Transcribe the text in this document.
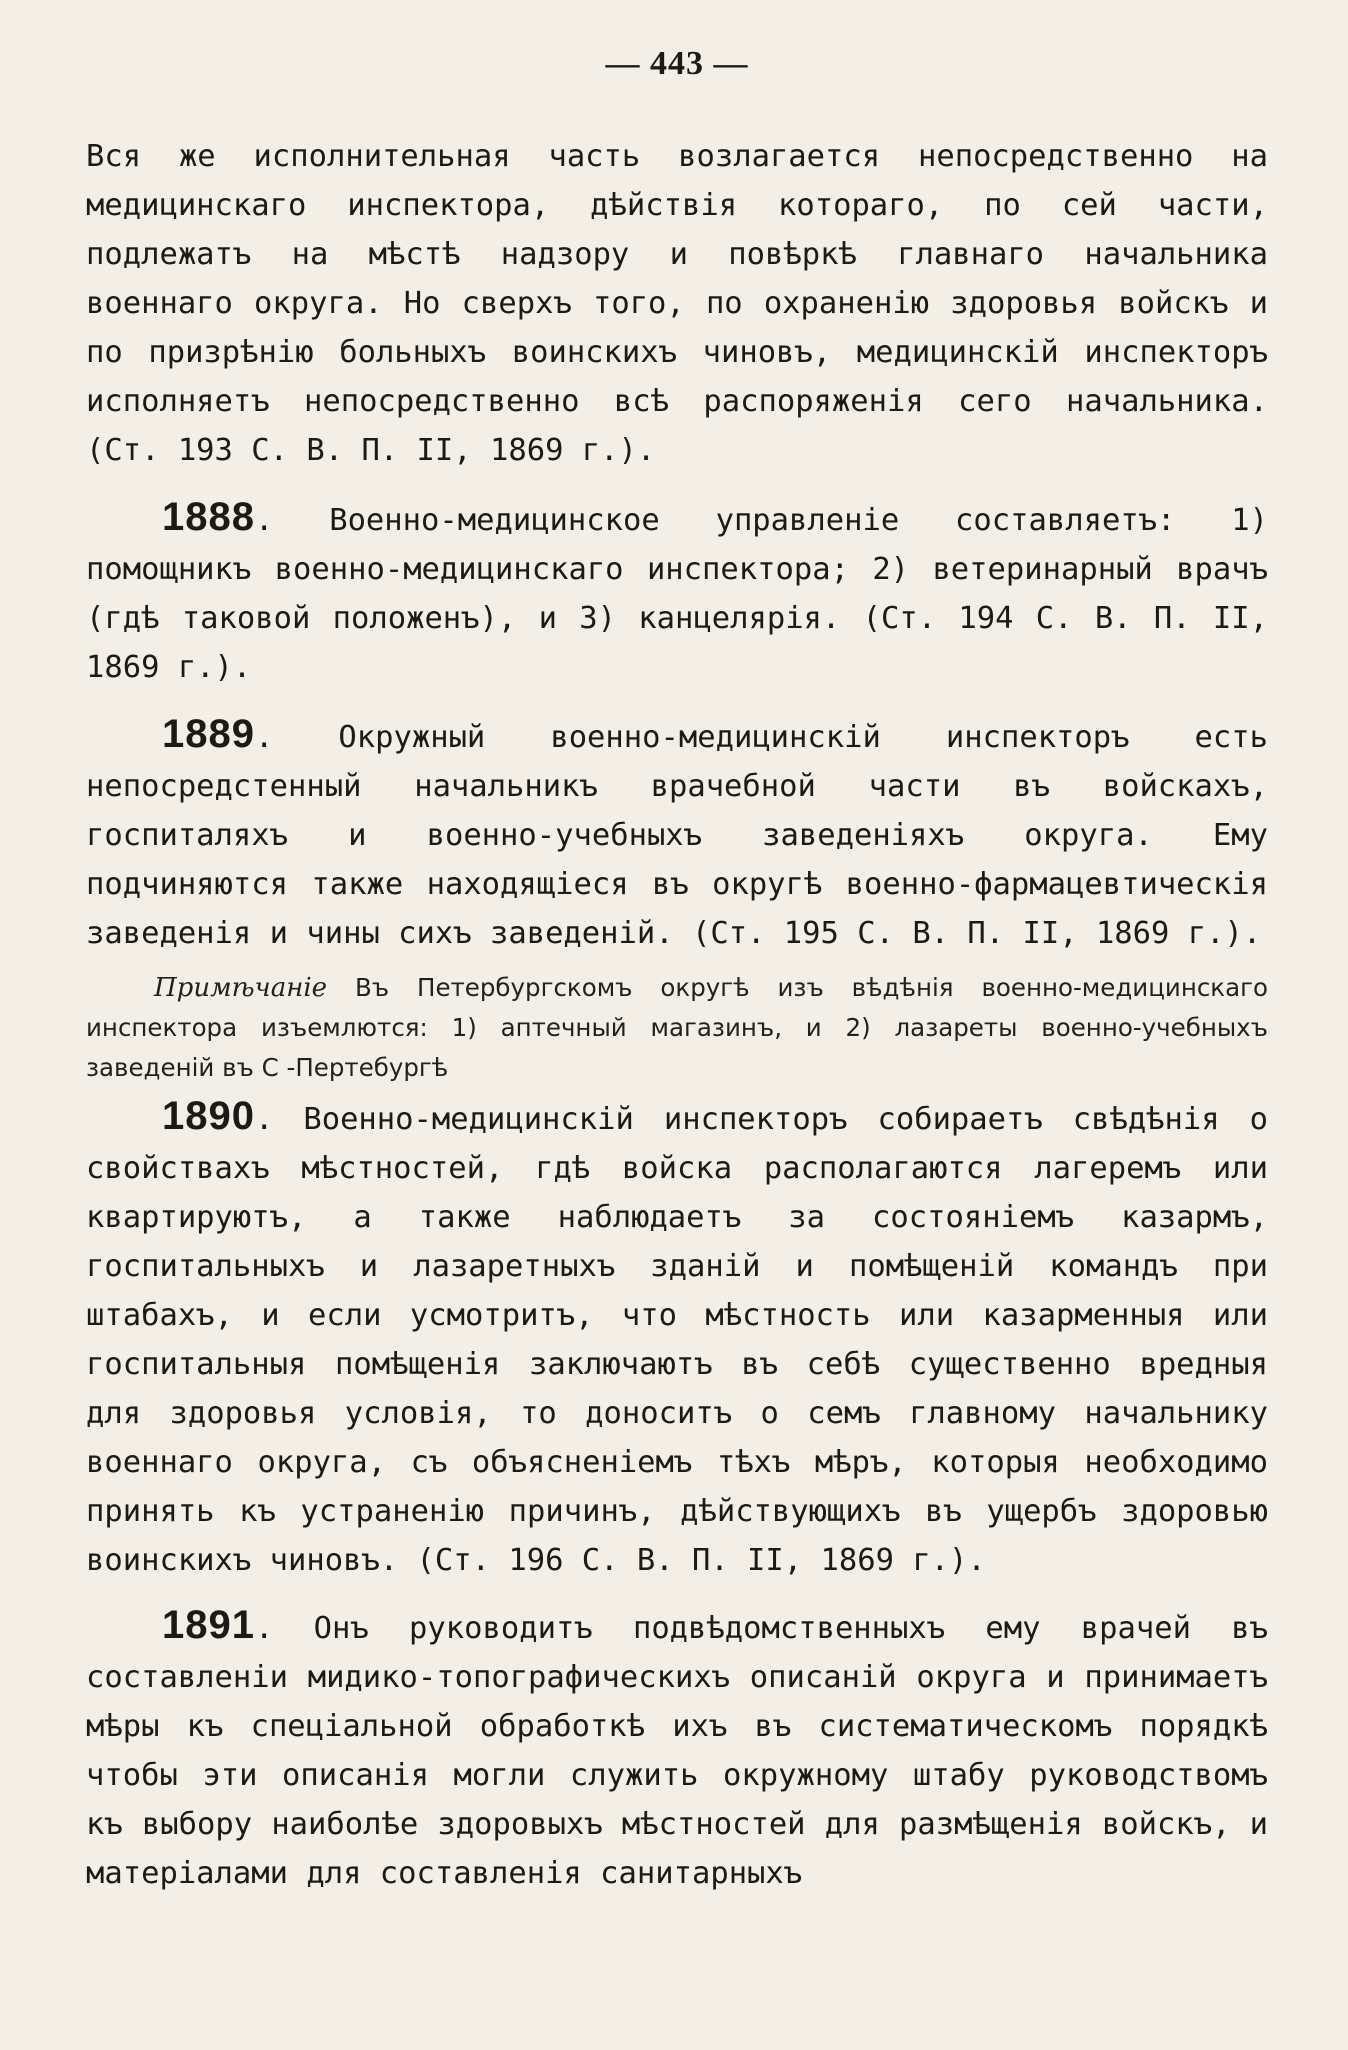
— 443 —

Вся же исполнительная часть возлагается непосредственно на медицинскаго инспектора, дѣйствія котораго, по сей части, подлежатъ на мѣстѣ надзору и повѣркѣ главнаго начальника военнаго округа. Но сверхъ того, по охраненію здоровья войскъ и по призрѣнію больныхъ воинскихъ чиновъ, медицинскій инспекторъ исполняетъ непосредственно всѣ распоряженія сего начальника. (Ст. 193 С. В. П. II, 1869 г.).

1888. Военно-медицинское управленіе составляетъ: 1) помощникъ военно-медицинскаго инспектора; 2) ветеринарный врачъ (гдѣ таковой положенъ), и 3) канцелярія. (Ст. 194 С. В. П. II, 1869 г.).

1889. Окружный военно-медицинскій инспекторъ есть непосредстенный начальникъ врачебной части въ войскахъ, госпиталяхъ и военно-учебныхъ заведеніяхъ округа. Ему подчиняются также находящіеся въ округѣ военно-фармацевтическія заведенія и чины сихъ заведеній. (Ст. 195 С. В. П. II, 1869 г.).

Примѣчаніе Въ Петербургскомъ округѣ изъ вѣдѣнія военно-медицинскаго инспектора изъемлются: 1) аптечный магазинъ, и 2) лазареты военно-учебныхъ заведеній въ С -Пертебургѣ

1890. Военно-медицинскій инспекторъ собираетъ свѣдѣнія о свойствахъ мѣстностей, гдѣ войска располагаются лагеремъ или квартируютъ, а также наблюдаетъ за состояніемъ казармъ, госпитальныхъ и лазаретныхъ зданій и помѣщеній командъ при штабахъ, и если усмотритъ, что мѣстность или казарменныя или госпитальныя помѣщенія заключаютъ въ себѣ существенно вредныя для здоровья условія, то доноситъ о семъ главному начальнику военнаго округа, съ объясненіемъ тѣхъ мѣръ, которыя необходимо принять къ устраненію причинъ, дѣйствующихъ въ ущербъ здоровью воинскихъ чиновъ. (Ст. 196 С. В. П. II, 1869 г.).

1891. Онъ руководитъ подвѣдомственныхъ ему врачей въ составленіи мидико-топографическихъ описаній округа и принимаетъ мѣры къ спеціальной обработкѣ ихъ въ систематическомъ порядкѣ чтобы эти описанія могли служить окружному штабу руководствомъ къ выбору наиболѣе здоровыхъ мѣстностей для размѣщенія войскъ, и матеріалами для составленія санитарныхъ
